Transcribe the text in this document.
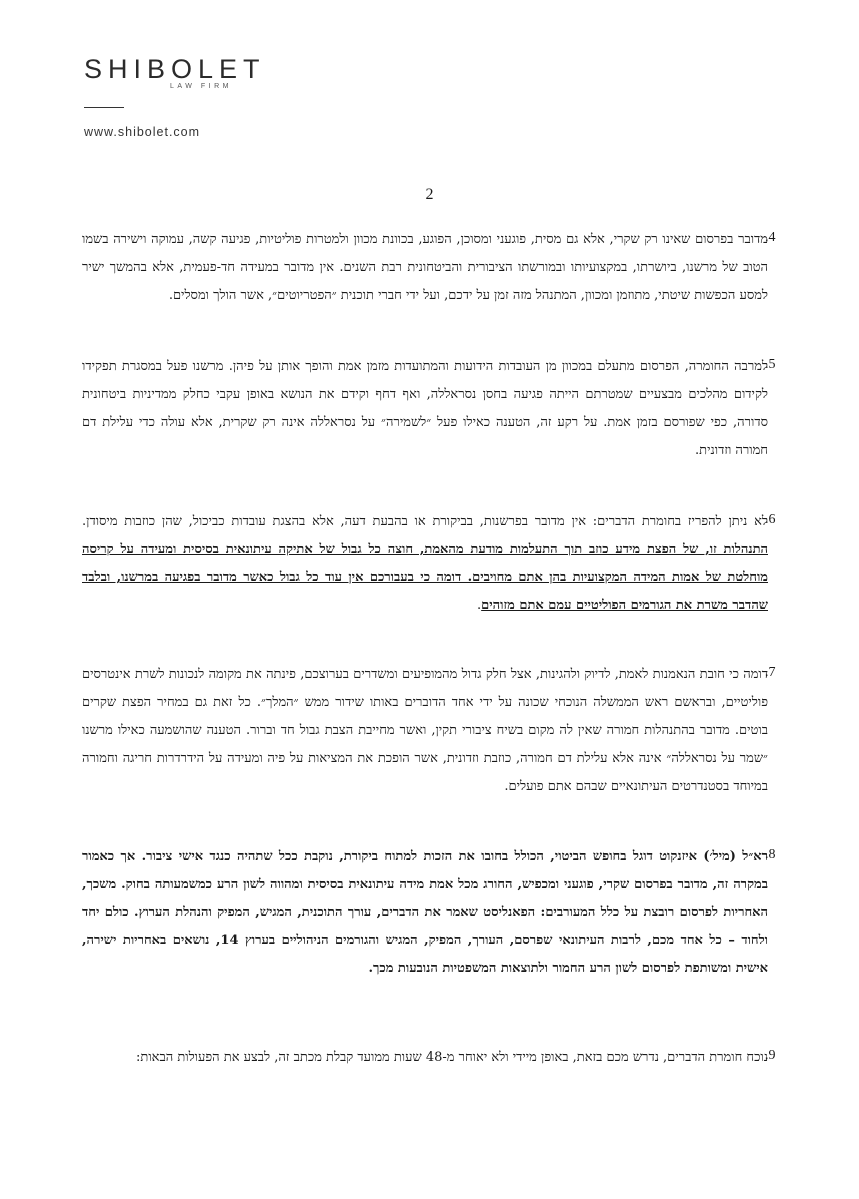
SHIBOLET
LAW FIRM
www.shibolet.com
2
.4
מדובר בפרסום שאינו רק שקרי, אלא גם מסית, פוגעני ומסוכן, הפוגע, בכוונת מכוון ולמטרות פוליטיות, פגיעה קשה, עמוקה וישירה בשמו הטוב של מרשנו, ביושרתו, במקצועיותו ובמורשתו הציבורית והביטחונית רבת השנים. אין מדובר במעידה חד-פעמית, אלא בהמשך ישיר למסע הכפשות שיטתי, מתוזמן ומכוון, המתנהל מזה זמן על ידכם, ועל ידי חברי תוכנית ״הפטריוטים״, אשר הולך ומסלים.
.5
למרבה החומרה, הפרסום מתעלם במכוון מן העובדות הידועות והמתועדות מזמן אמת והופך אותן על פיהן. מרשנו פעל במסגרת תפקידו לקידום מהלכים מבצעיים שמטרתם הייתה פגיעה בחסן נסראללה, ואף דחף וקידם את הנושא באופן עקבי כחלק ממדיניות ביטחונית סדורה, כפי שפורסם בזמן אמת. על רקע זה, הטענה כאילו פעל ״לשמירה״ על נסראללה אינה רק שקרית, אלא עולה כדי עלילת דם חמורה וזדונית.
.6
לא ניתן להפריז בחומרת הדברים: אין מדובר בפרשנות, בביקורת או בהבעת דעה, אלא בהצגת עובדות כביכול, שהן כוזבות מיסודן. התנהלות זו, של הפצת מידע כוזב תוך התעלמות מודעת מהאמת, חוצה כל גבול של אתיקה עיתונאית בסיסית ומעידה על קריסה מוחלטת של אמות המידה המקצועיות בהן אתם מחויבים. דומה כי בעבורכם אין עוד כל גבול כאשר מדובר בפגיעה במרשנו, ובלבד שהדבר משרת את הגורמים הפוליטיים עמם אתם מזוהים.
.7
דומה כי חובת הנאמנות לאמת, לדיוק ולהגינות, אצל חלק גדול מהמופיעים ומשדרים בערוצכם, פינתה את מקומה לנכונות לשרת אינטרסים פוליטיים, ובראשם ראש הממשלה הנוכחי שכונה על ידי אחד הדוברים באותו שידור ממש ״המלך״. כל זאת גם במחיר הפצת שקרים בוטים. מדובר בהתנהלות חמורה שאין לה מקום בשיח ציבורי תקין, ואשר מחייבת הצבת גבול חד וברור. הטענה שהושמעה כאילו מרשנו ״שמר על נסראללה״ אינה אלא עלילת דם חמורה, כוזבת וזדונית, אשר הופכת את המציאות על פיה ומעידה על הידרדרות חריגה וחמורה במיוחד בסטנדרטים העיתונאיים שבהם אתם פועלים.
.8
רא״ל (מיל׳) איזנקוט דוגל בחופש הביטוי, הכולל בחובו את הזכות למתוח ביקורת, נוקבת ככל שתהיה כנגד אישי ציבור. אך כאמור במקרה זה, מדובר בפרסום שקרי, פוגעני ומכפיש, החורג מכל אמת מידה עיתונאית בסיסית ומהווה לשון הרע כמשמעותה בחוק. משכך, האחריות לפרסום רובצת על כלל המעורבים: הפאנליסט שאמר את הדברים, עורך התוכנית, המגיש, המפיק והנהלת הערוץ. כולם יחד ולחוד – כל אחד מכם, לרבות העיתונאי שפרסם, העורך, המפיק, המגיש והגורמים הניהוליים בערוץ 14, נושאים באחריות ישירה, אישית ומשותפת לפרסום לשון הרע החמור ולתוצאות המשפטיות הנובעות מכך.
.9
נוכח חומרת הדברים, נדרש מכם בזאת, באופן מיידי ולא יאוחר מ-48 שעות ממועד קבלת מכתב זה, לבצע את הפעולות הבאות:
